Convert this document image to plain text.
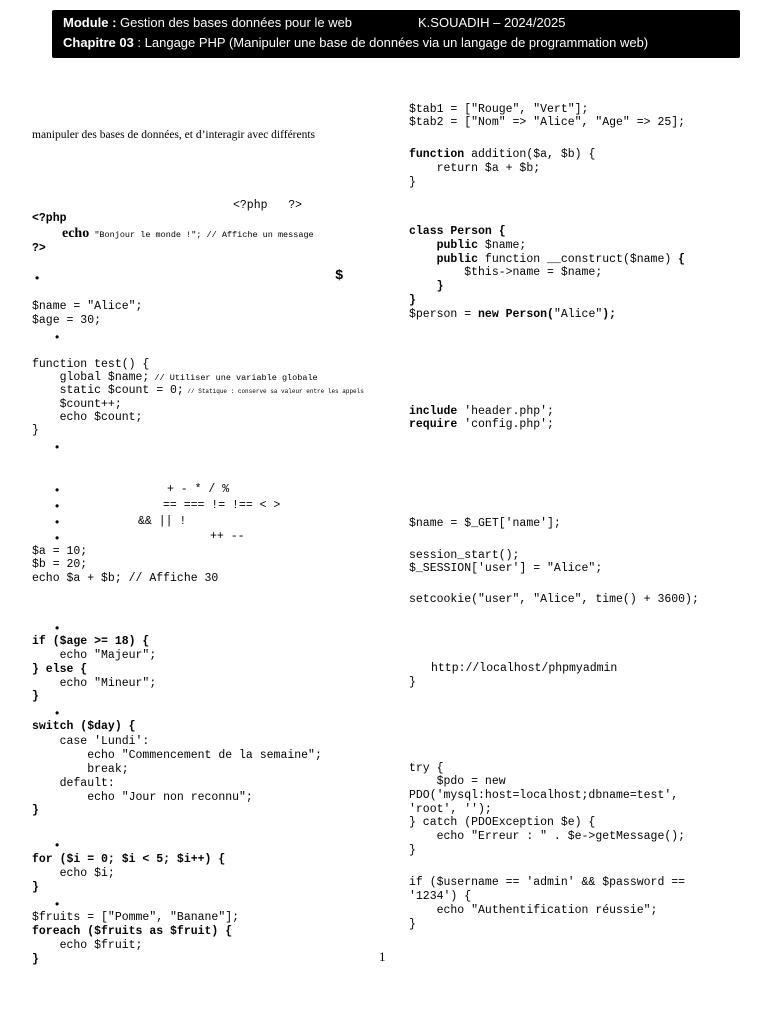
Module : Gestion des bases données pour le web	K.SOUADIH – 2024/2025
Chapitre 03 : Langage PHP (Manipuler une base de données via un langage de programmation web)
manipuler des bases de données, et d’interagir avec différents
<?php   ?>
<?php
echo "Bonjour le monde !"; // Affiche un message
?>
•	$
$name = "Alice";
$age = 30;
•
function test() {
global $name; // Utiliser une variable globale
static $count = 0; // Statique : conserve sa valeur entre les appels
$count++;
echo $count;
}
•
•	+ - * / %
•	== === != !== < >
•	&& || !
•	++ --
$a = 10;
$b = 20;
echo $a + $b; // Affiche 30
•
if ($age >= 18) {
echo "Majeur";
} else {
echo "Mineur";
}
•
switch ($day) {
case 'Lundi':
echo "Commencement de la semaine";
break;
default:
echo "Jour non reconnu";
}
•
for ($i = 0; $i < 5; $i++) {
echo $i;
}
•
$fruits = ["Pomme", "Banane"];
foreach ($fruits as $fruit) {
echo $fruit;
}	1
$tab1 = ["Rouge", "Vert"];
$tab2 = ["Nom" => "Alice", "Age" => 25];
function addition($a, $b) {
return $a + $b;
}
class Person {
public $name;
public function __construct($name) {
$this->name = $name;
}
}
$person = new Person("Alice");
include 'header.php';
require 'config.php';
$name = $_GET['name'];
session_start();
$_SESSION['user'] = "Alice";
setcookie("user", "Alice", time() + 3600);
http://localhost/phpmyadmin
}
try {
$pdo = new
PDO('mysql:host=localhost;dbname=test',
'root', '');
} catch (PDOException $e) {
echo "Erreur : " . $e->getMessage();
}
if ($username == 'admin' && $password ==
'1234') {
echo "Authentification réussie";
}
